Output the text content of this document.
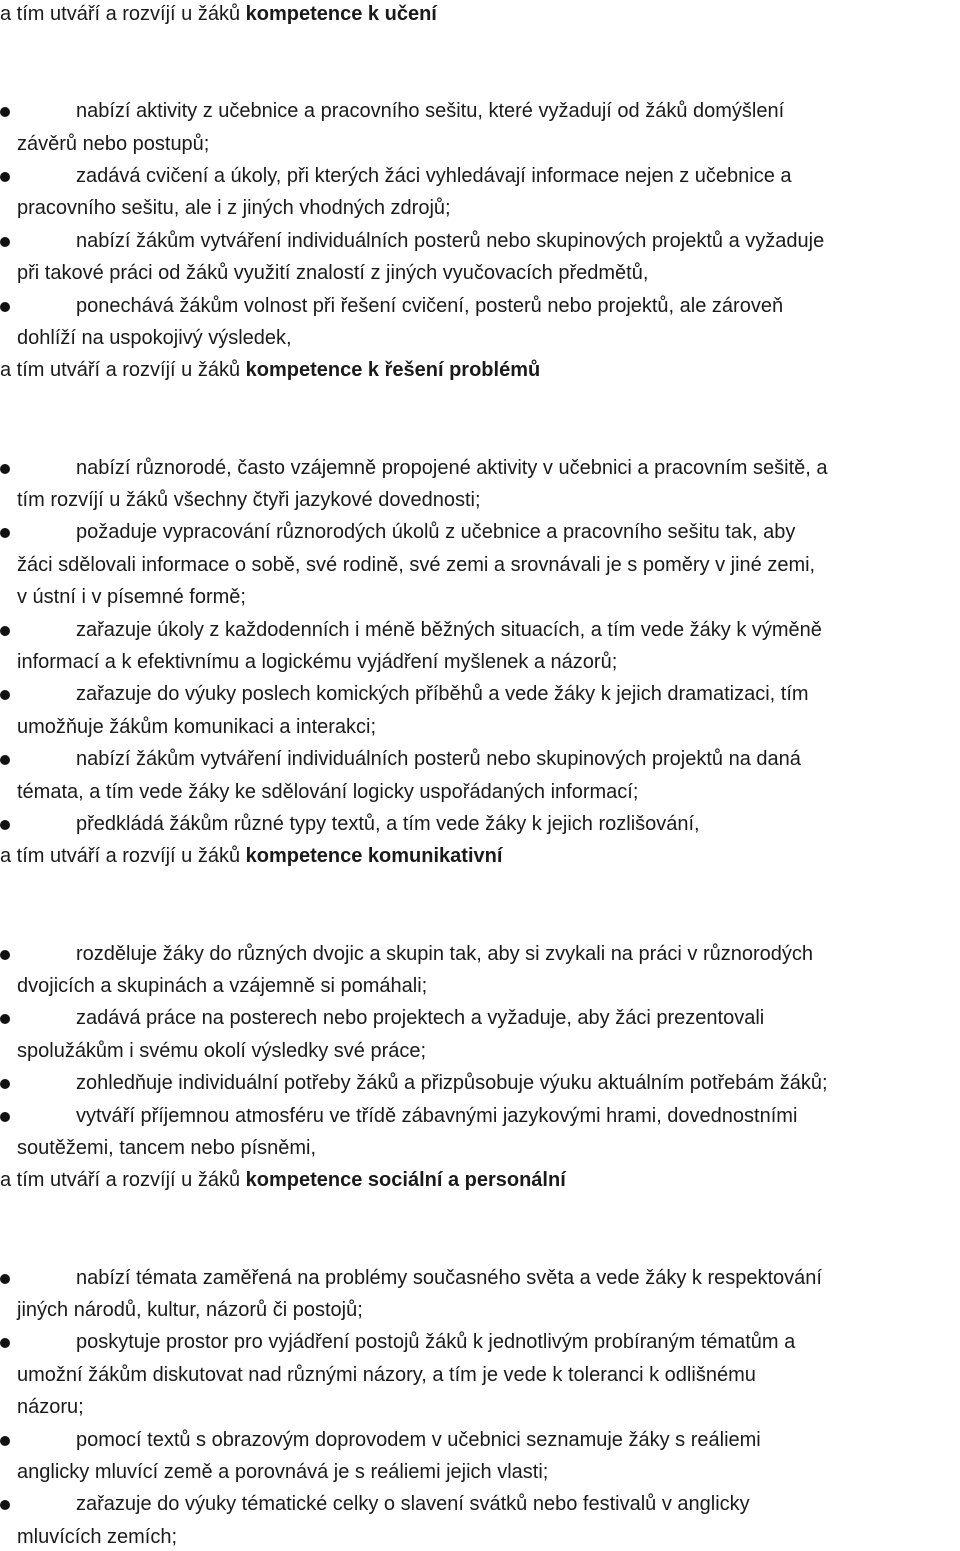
a tím utváří a rozvíjí u žáků kompetence k učení
nabízí aktivity z učebnice a pracovního sešitu, které vyžadují od žáků domýšlení
závěrů nebo postupů;
zadává cvičení a úkoly, při kterých žáci vyhledávají informace nejen z učebnice a
pracovního sešitu, ale i z jiných vhodných zdrojů;
nabízí žákům vytváření individuálních posterů nebo skupinových projektů a vyžaduje
při takové práci od žáků využití znalostí z jiných vyučovacích předmětů,
ponechává žákům volnost při řešení cvičení, posterů nebo projektů, ale zároveň
dohlíží na uspokojivý výsledek,
a tím utváří a rozvíjí u žáků kompetence k řešení problémů
nabízí různorodé, často vzájemně propojené aktivity v učebnici a pracovním sešitě, a
tím rozvíjí u žáků všechny čtyři jazykové dovednosti;
požaduje vypracování různorodých úkolů z učebnice a pracovního sešitu tak, aby
žáci sdělovali informace o sobě, své rodině, své zemi a srovnávali je s poměry v jiné zemi,
v ústní i v písemné formě;
zařazuje úkoly z každodenních i méně běžných situacích, a tím vede žáky k výměně
informací a k efektivnímu a logickému vyjádření myšlenek a názorů;
zařazuje do výuky poslech komických příběhů a vede žáky k jejich dramatizaci, tím
umožňuje žákům komunikaci a interakci;
nabízí žákům vytváření individuálních posterů nebo skupinových projektů na daná
témata, a tím vede žáky ke sdělování logicky uspořádaných informací;
předkládá žákům různé typy textů, a tím vede žáky k jejich rozlišování,
a tím utváří a rozvíjí u žáků kompetence komunikativní
rozděluje žáky do různých dvojic a skupin tak, aby si zvykali na práci v různorodých
dvojicích a skupinách a vzájemně si pomáhali;
zadává práce na posterech nebo projektech a vyžaduje, aby žáci prezentovali
spolužákům i svému okolí výsledky své práce;
zohledňuje individuální potřeby žáků a přizpůsobuje výuku aktuálním potřebám žáků;
vytváří příjemnou atmosféru ve třídě zábavnými jazykovými hrami, dovednostními
soutěžemi, tancem nebo písněmi,
a tím utváří a rozvíjí u žáků kompetence sociální a personální
nabízí témata zaměřená na problémy současného světa a vede žáky k respektování
jiných národů, kultur, názorů či postojů;
poskytuje prostor pro vyjádření postojů žáků k jednotlivým probíraným tématům a
umožní žákům diskutovat nad různými názory, a tím je vede k toleranci k odlišnému
názoru;
pomocí textů s obrazovým doprovodem v učebnici seznamuje žáky s reáliemi
anglicky mluvící země a porovnává je s reáliemi jejich vlasti;
zařazuje do výuky tématické celky o slavení svátků nebo festivalů v anglicky
mluvících zemích;
